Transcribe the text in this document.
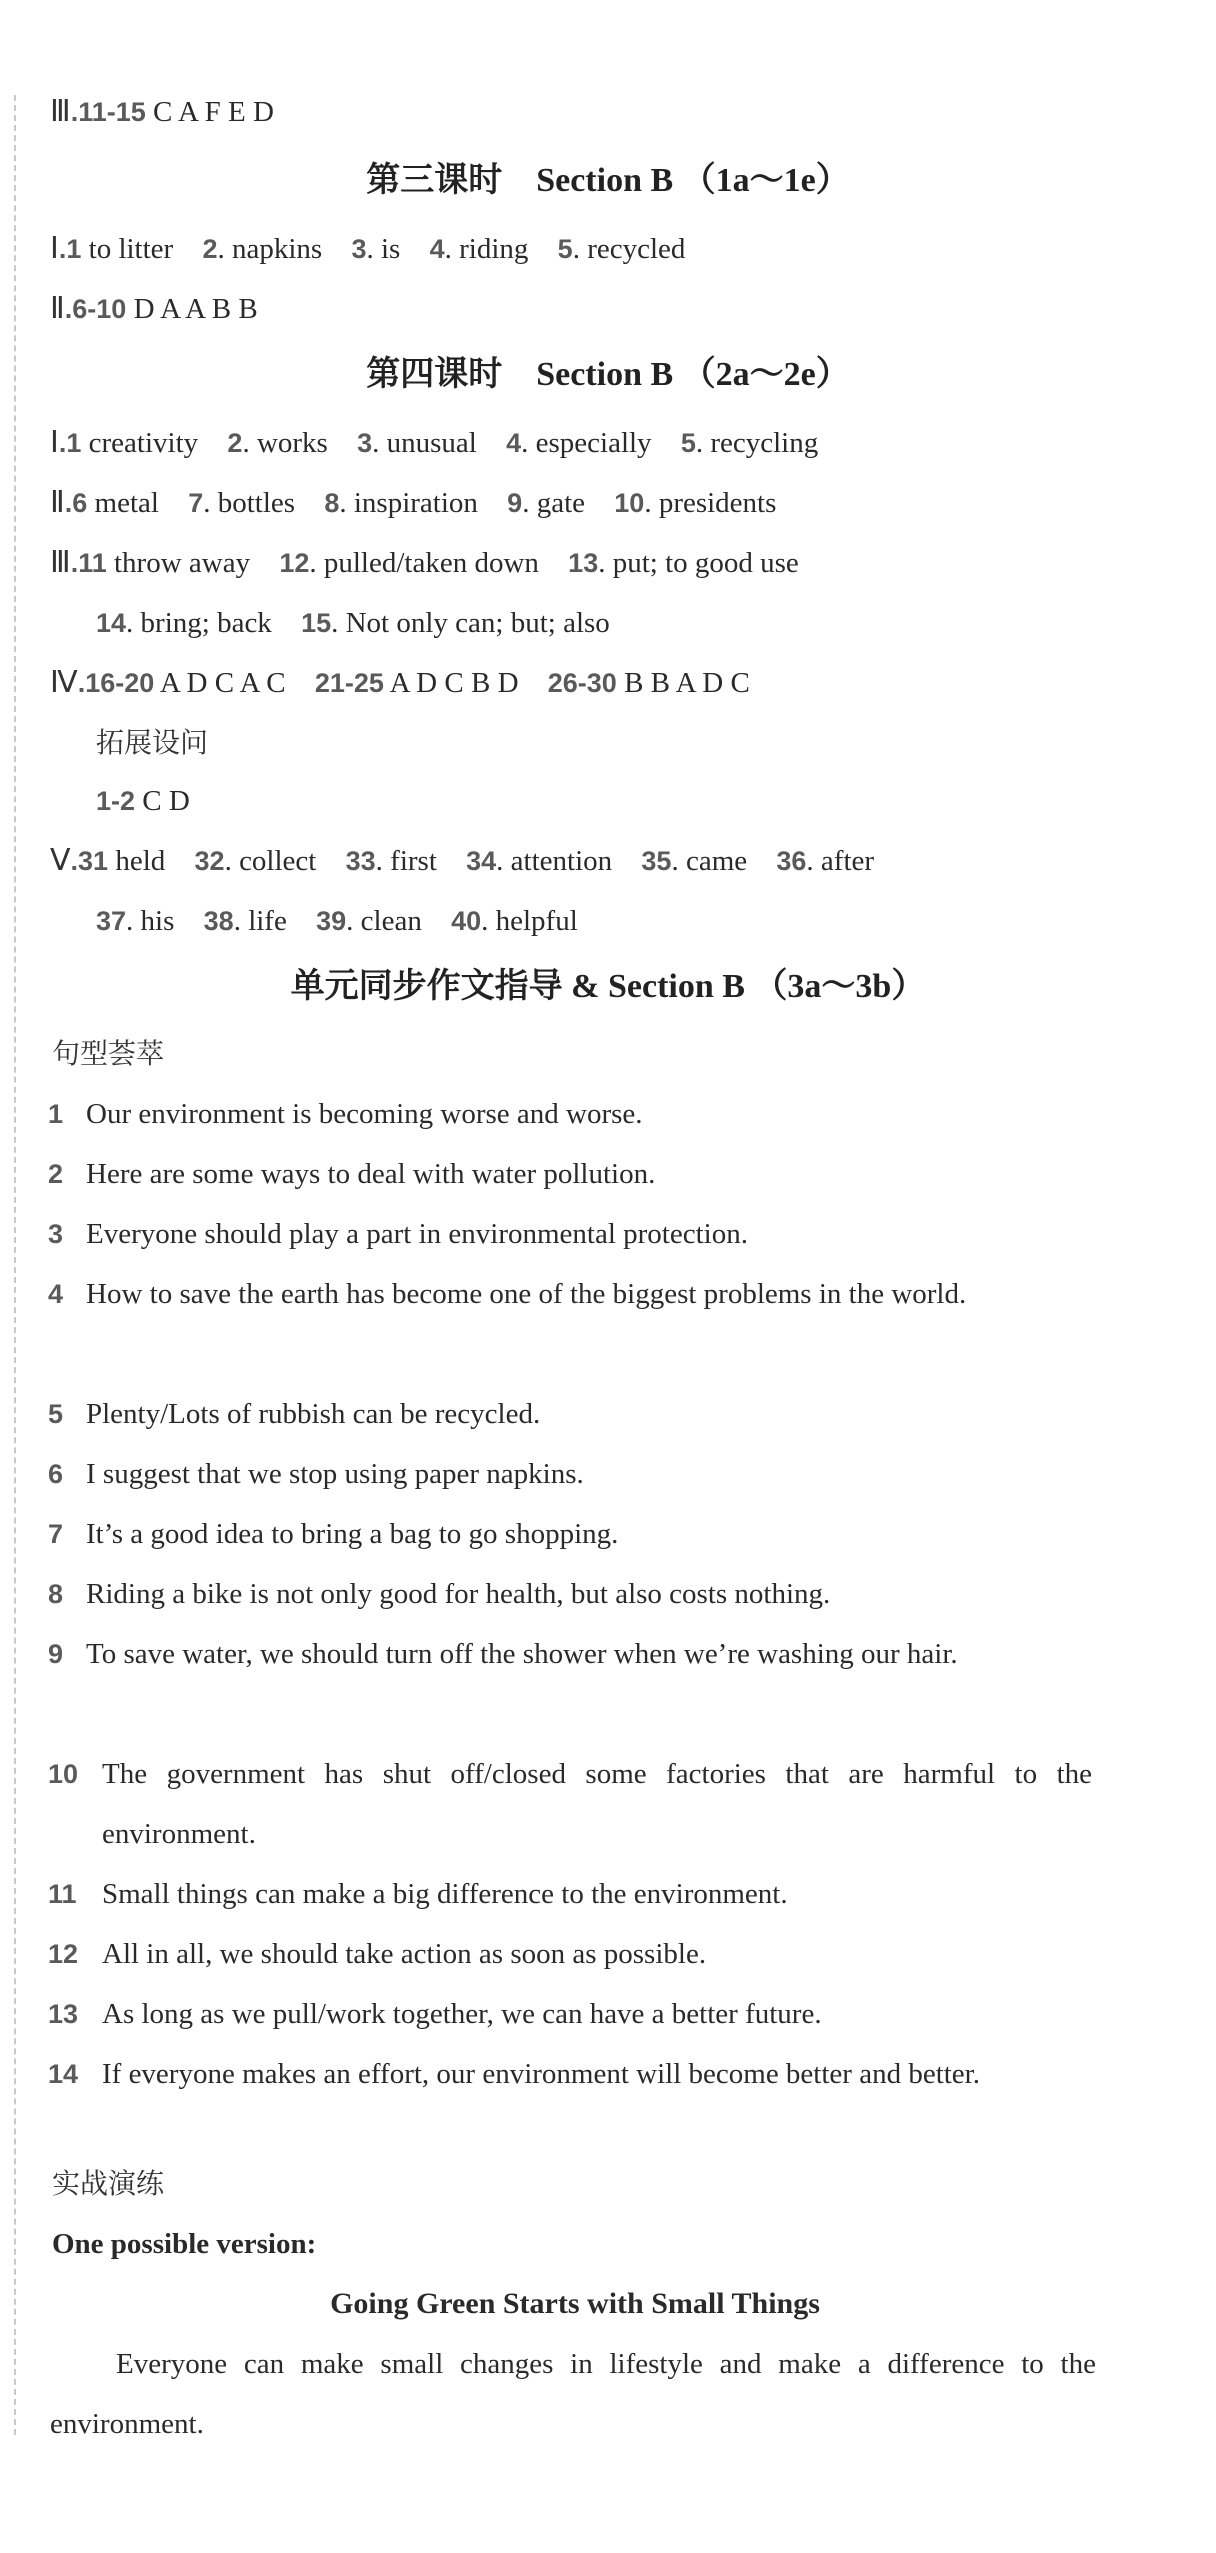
Ⅲ.11-15 C A F E D
第三课时 Section B （1a～1e）
Ⅰ.1 to litter 2. napkins 3. is 4. riding 5. recycled
Ⅱ.6-10 D A A B B
第四课时 Section B （2a～2e）
Ⅰ.1 creativity 2. works 3. unusual 4. especially 5. recycling
Ⅱ.6 metal 7. bottles 8. inspiration 9. gate 10. presidents
Ⅲ.11 throw away 12. pulled/taken down 13. put; to good use
14. bring; back 15. Not only can; but; also
Ⅳ.16-20 A D C A C 21-25 A D C B D 26-30 B B A D C
拓展设问
1-2 C D
Ⅴ.31 held 32. collect 33. first 34. attention 35. came 36. after
37. his 38. life 39. clean 40. helpful
单元同步作文指导 & Section B （3a～3b）
句型荟萃
1 Our environment is becoming worse and worse.
2 Here are some ways to deal with water pollution.
3 Everyone should play a part in environmental protection.
4 How to save the earth has become one of the biggest problems in the world.
5 Plenty/Lots of rubbish can be recycled.
6 I suggest that we stop using paper napkins.
7 It’s a good idea to bring a bag to go shopping.
8 Riding a bike is not only good for health, but also costs nothing.
9 To save water, we should turn off the shower when we’re washing our hair.
10 The government has shut off/closed some factories that are harmful to the environment.
11 Small things can make a big difference to the environment.
12 All in all, we should take action as soon as possible.
13 As long as we pull/work together, we can have a better future.
14 If everyone makes an effort, our environment will become better and better.
实战演练
One possible version:
Going Green Starts with Small Things
Everyone can make small changes in lifestyle and make a difference to the environment.
